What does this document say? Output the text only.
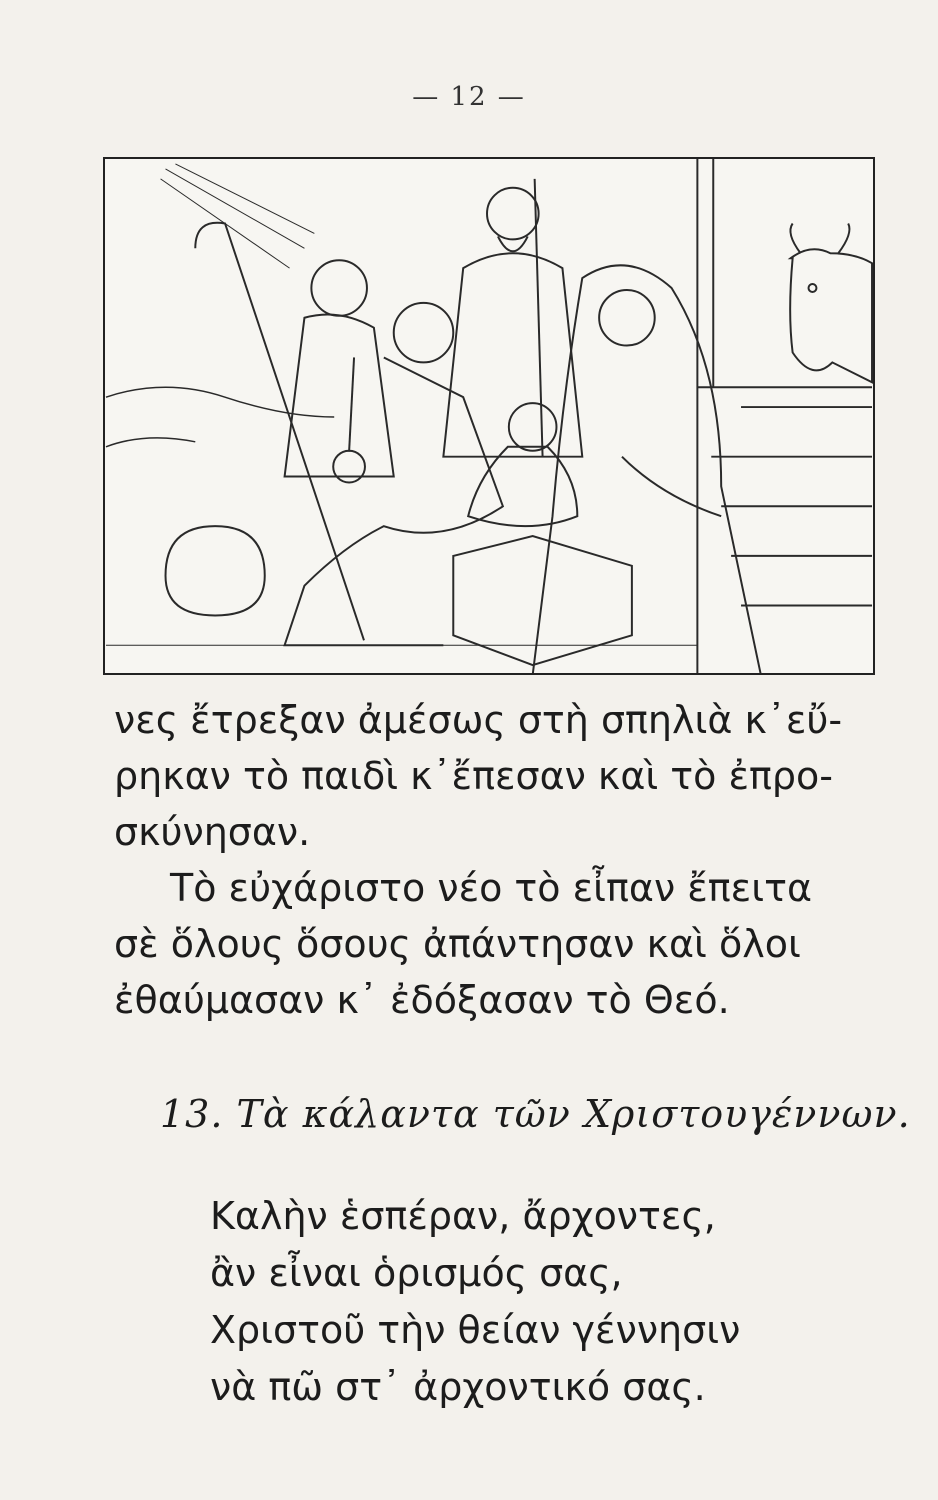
— 12 —
νες ἔτρεξαν ἀμέσως στὴ σπηλιὰ κ᾽εὔ-
ρηκαν τὸ παιδὶ κ᾽ἔπεσαν καὶ τὸ ἐπρο-
σκύνησαν.
Τὸ εὐχάριστο νέο τὸ εἶπαν ἔπειτα
σὲ ὅλους ὅσους ἀπάντησαν καὶ ὅλοι
ἐθαύμασαν κ᾽ ἐδόξασαν τὸ Θεό.
13. Τὰ κάλαντα τῶν Χριστουγέννων.
Καλὴν ἑσπέραν, ἄρχοντες,
ἂν εἶναι ὁρισμός σας,
Χριστοῦ τὴν θείαν γέννησιν
νὰ πῶ στ᾽ ἀρχοντικό σας.
